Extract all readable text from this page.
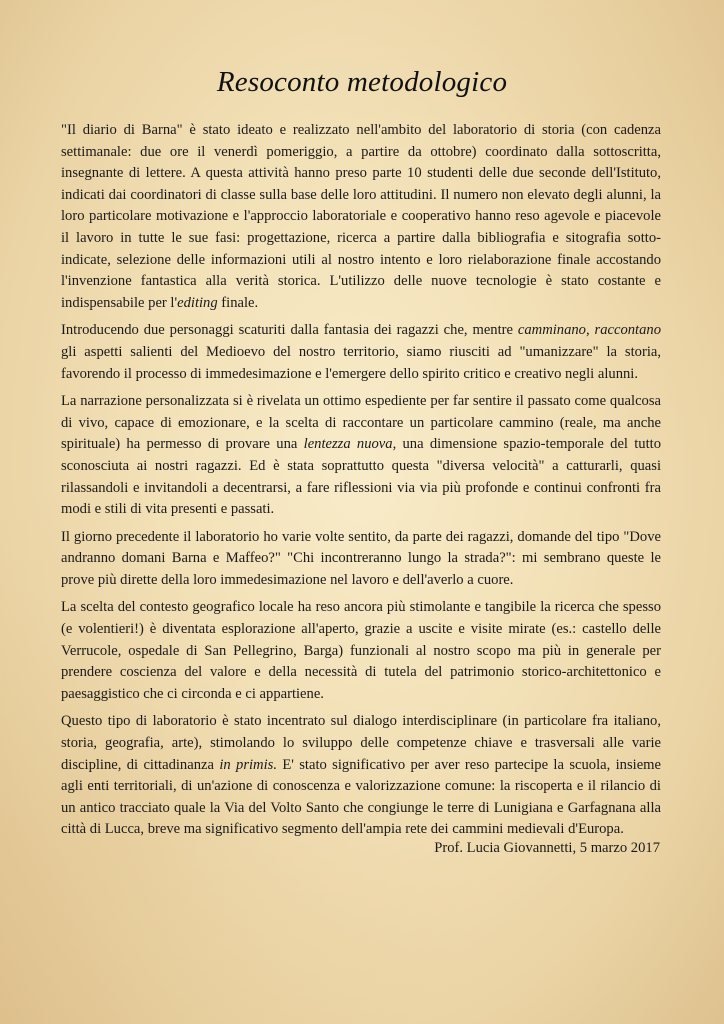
Resoconto metodologico

"Il diario di Barna" è stato ideato e realizzato nell'ambito del laboratorio di storia (con cadenza settimanale: due ore il venerdì pomeriggio, a partire da ottobre) coordinato dalla sottoscritta, insegnante di lettere. A questa attività hanno preso parte 10 studenti delle due seconde dell'Istituto, indicati dai coordinatori di classe sulla base delle loro attitudini. Il numero non elevato degli alunni, la loro particolare motivazione e l'approccio laboratoriale e cooperativo hanno reso agevole e piacevole il lavoro in tutte le sue fasi: progettazione, ricerca a partire dalla bibliografia e sitografia sotto-indicate, selezione delle informazioni utili al nostro intento e loro rielaborazione finale accostando l'invenzione fantastica alla verità storica. L'utilizzo delle nuove tecnologie è stato costante e indispensabile per l'editing finale.

Introducendo due personaggi scaturiti dalla fantasia dei ragazzi che, mentre camminano, raccontano gli aspetti salienti del Medioevo del nostro territorio, siamo riusciti ad "umanizzare" la storia, favorendo il processo di immedesimazione e l'emergere dello spirito critico e creativo negli alunni.

La narrazione personalizzata si è rivelata un ottimo espediente per far sentire il passato come qualcosa di vivo, capace di emozionare, e la scelta di raccontare un particolare cammino (reale, ma anche spirituale) ha permesso di provare una lentezza nuova, una dimensione spazio-temporale del tutto sconosciuta ai nostri ragazzi. Ed è stata soprattutto questa "diversa velocità" a catturarli, quasi rilassandoli e invitandoli a decentrarsi, a fare riflessioni via via più profonde e continui confronti fra modi e stili di vita presenti e passati.

Il giorno precedente il laboratorio ho varie volte sentito, da parte dei ragazzi, domande del tipo "Dove andranno domani Barna e Maffeo?" "Chi incontreranno lungo la strada?": mi sembrano queste le prove più dirette della loro immedesimazione nel lavoro e dell'averlo a cuore.

La scelta del contesto geografico locale ha reso ancora più stimolante e tangibile la ricerca che spesso (e volentieri!) è diventata esplorazione all'aperto, grazie a uscite e visite mirate (es.: castello delle Verrucole, ospedale di San Pellegrino, Barga) funzionali al nostro scopo ma più in generale per prendere coscienza del valore e della necessità di tutela del patrimonio storico-architettonico e paesaggistico che ci circonda e ci appartiene.

Questo tipo di laboratorio è stato incentrato sul dialogo interdisciplinare (in particolare fra italiano, storia, geografia, arte), stimolando lo sviluppo delle competenze chiave e trasversali alle varie discipline, di cittadinanza in primis. E' stato significativo per aver reso partecipe la scuola, insieme agli enti territoriali, di un'azione di conoscenza e valorizzazione comune: la riscoperta e il rilancio di un antico tracciato quale la Via del Volto Santo che congiunge le terre di Lunigiana e Garfagnana alla città di Lucca, breve ma significativo segmento dell'ampia rete dei cammini medievali d'Europa.

Prof. Lucia Giovannetti, 5 marzo 2017
